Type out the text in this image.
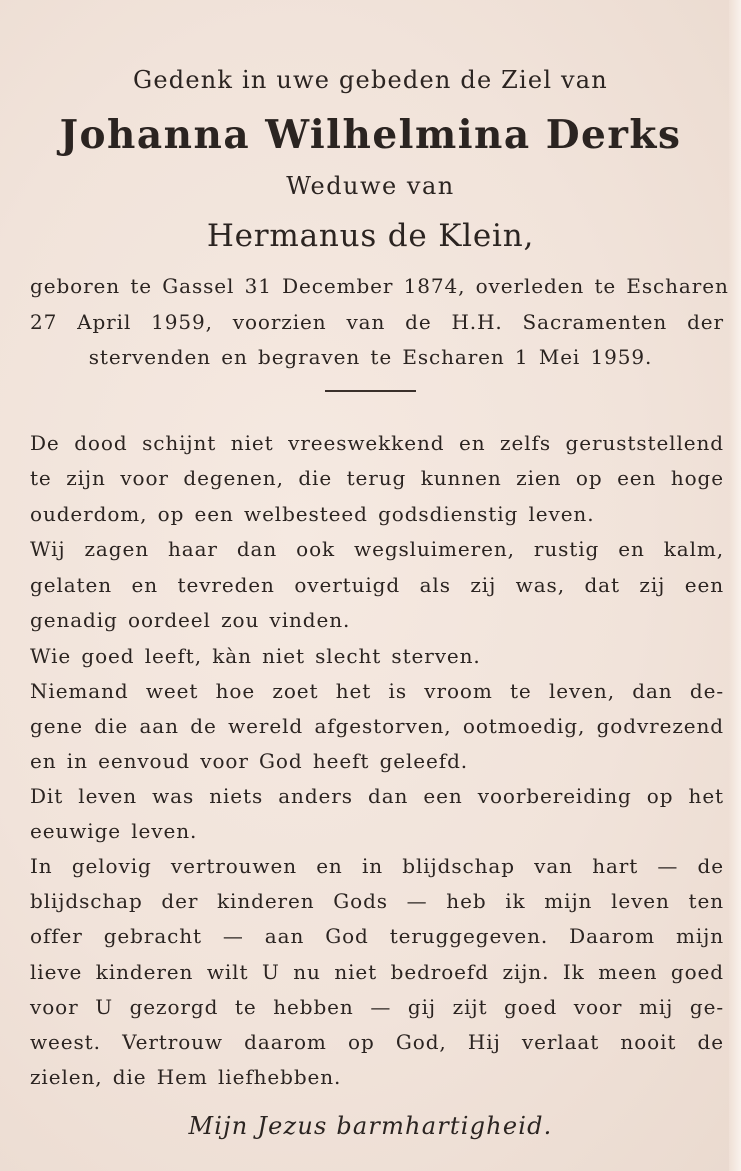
Gedenk in uwe gebeden de Ziel van
Johanna Wilhelmina Derks
Weduwe van
Hermanus de Klein,
geboren te Gassel 31 December 1874, overleden te Escharen
27 April 1959, voorzien van de H.H. Sacramenten der
stervenden en begraven te Escharen 1 Mei 1959.
De dood schijnt niet vreeswekkend en zelfs geruststellend
te zijn voor degenen, die terug kunnen zien op een hoge
ouderdom, op een welbesteed godsdienstig leven.
Wij zagen haar dan ook wegsluimeren, rustig en kalm,
gelaten en tevreden overtuigd als zij was, dat zij een
genadig oordeel zou vinden.
Wie goed leeft, kàn niet slecht sterven.
Niemand weet hoe zoet het is vroom te leven, dan de-
gene die aan de wereld afgestorven, ootmoedig, godvrezend
en in eenvoud voor God heeft geleefd.
Dit leven was niets anders dan een voorbereiding op het
eeuwige leven.
In gelovig vertrouwen en in blijdschap van hart — de
blijdschap der kinderen Gods — heb ik mijn leven ten
offer gebracht — aan God teruggegeven. Daarom mijn
lieve kinderen wilt U nu niet bedroefd zijn. Ik meen goed
voor U gezorgd te hebben — gij zijt goed voor mij ge-
weest. Vertrouw daarom op God, Hij verlaat nooit de
zielen, die Hem liefhebben.
Mijn Jezus barmhartigheid.
